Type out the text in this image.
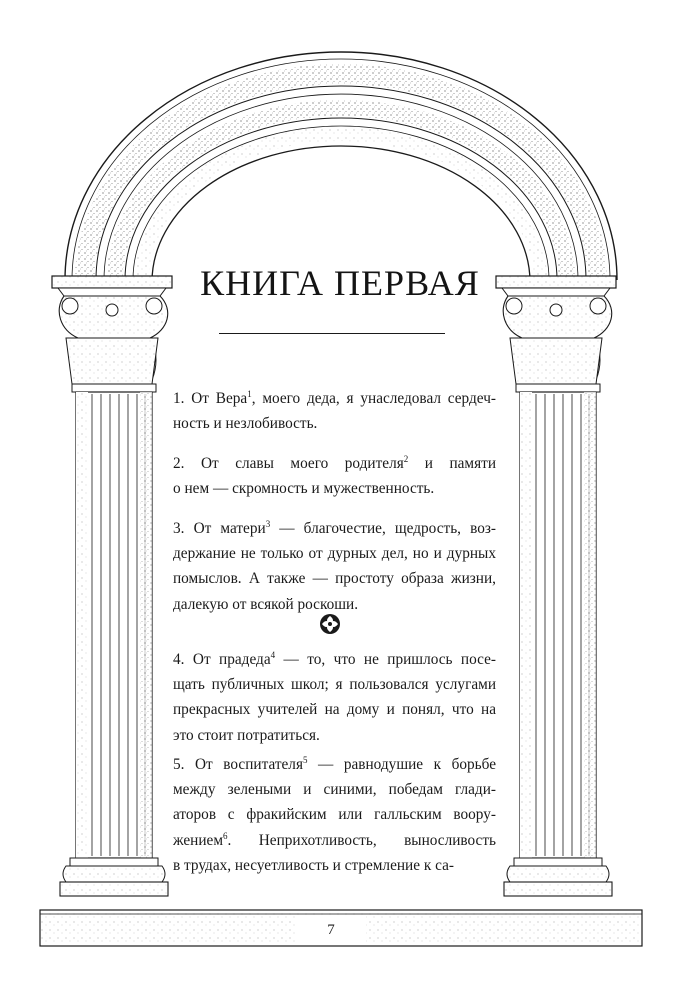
КНИГА ПЕРВАЯ
1. От Вера$^1$, моего деда, я унаследовал сердеч-
ность и незлобивость.
2. От славы моего родителя$^2$ и памяти
о нем — скромность и мужественность.
3. От матери$^3$ — благочестие, щедрость, воз-
держание не только от дурных дел, но и дурных
помыслов. А также — простоту образа жизни,
далекую от всякой роскоши.
4. От прадеда$^4$ — то, что не пришлось посе-
щать публичных школ; я пользовался услугами
прекрасных учителей на дому и понял, что на
это стоит потратиться.
5. От воспитателя$^5$ — равнодушие к борьбе
между зелеными и синими, победам глади-
аторов с фракийским или галльским воору-
жением$^6$. Неприхотливость, выносливость
в трудах, несуетливость и стремление к са-
7
